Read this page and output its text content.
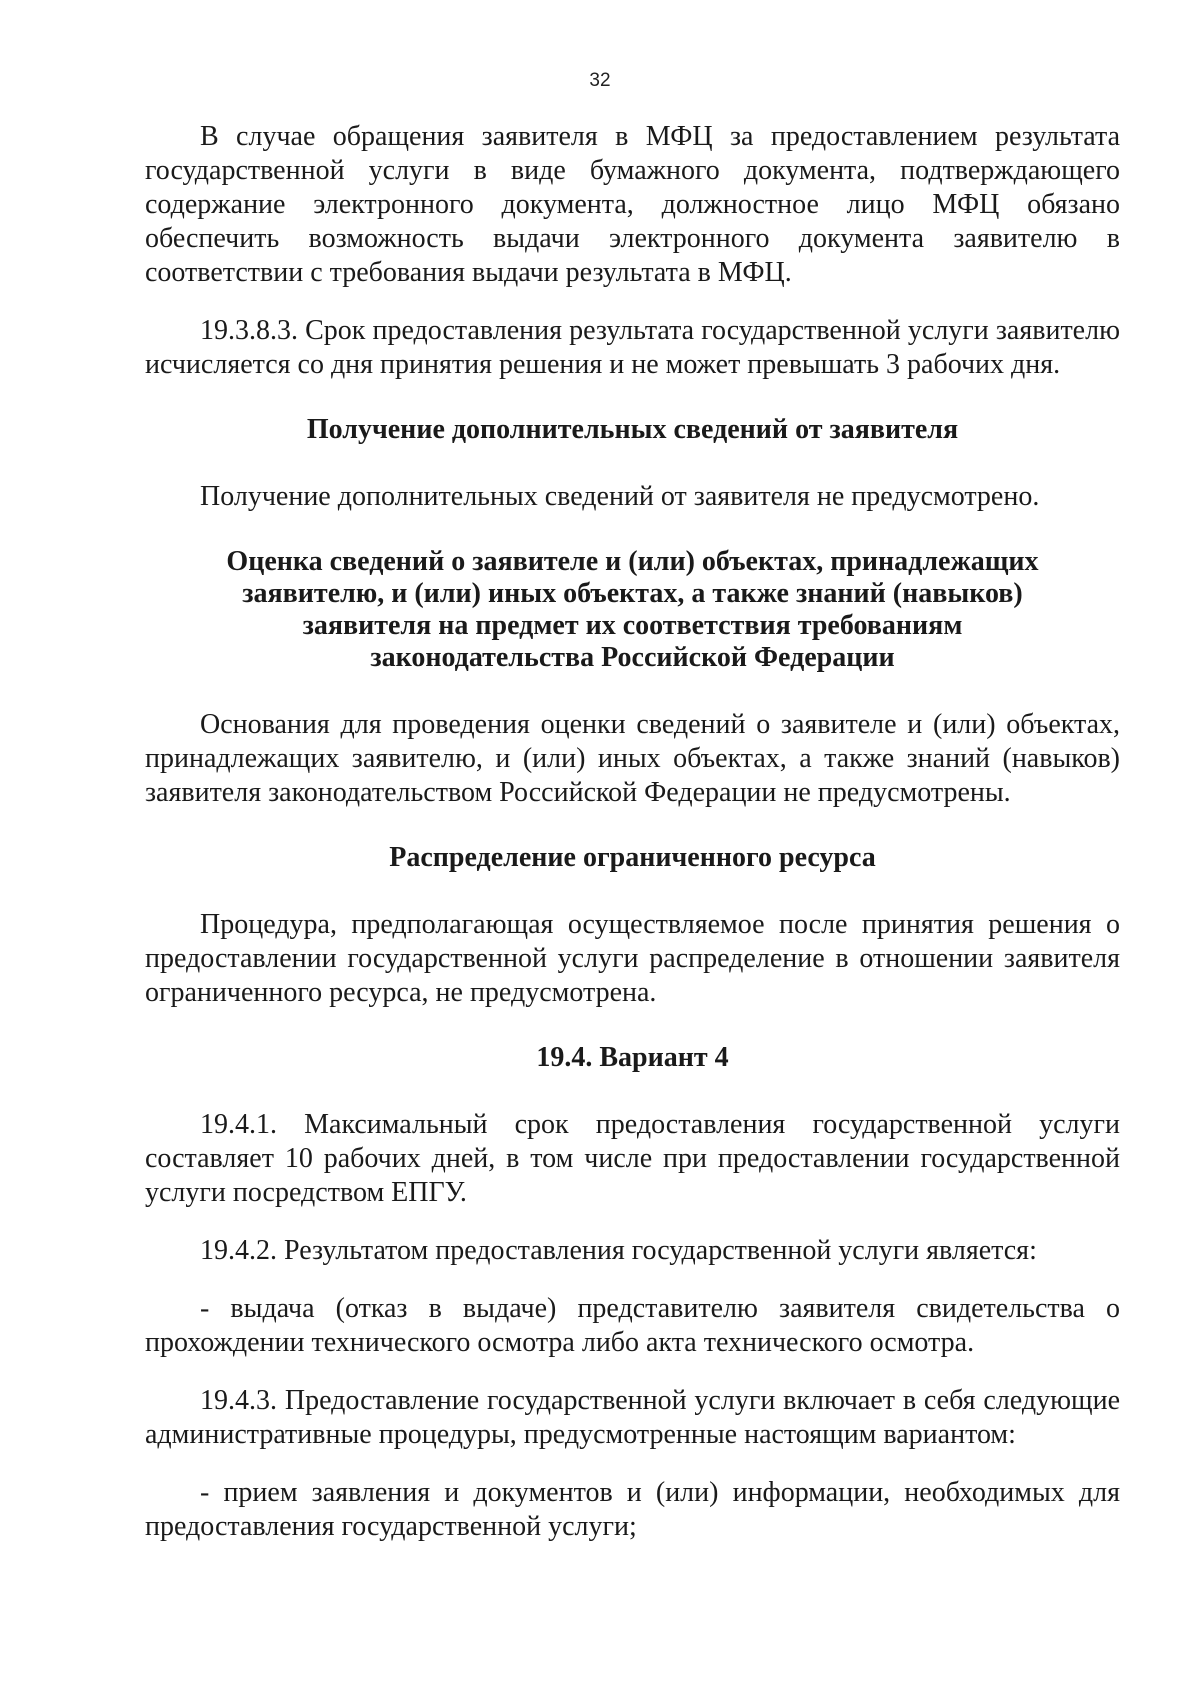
32

В случае обращения заявителя в МФЦ за предоставлением результата государственной услуги в виде бумажного документа, подтверждающего содержание электронного документа, должностное лицо МФЦ обязано обеспечить возможность выдачи электронного документа заявителю в соответствии с требования выдачи результата в МФЦ.

19.3.8.3. Срок предоставления результата государственной услуги заявителю исчисляется со дня принятия решения и не может превышать 3 рабочих дня.

Получение дополнительных сведений от заявителя

Получение дополнительных сведений от заявителя не предусмотрено.

Оценка сведений о заявителе и (или) объектах, принадлежащих
заявителю, и (или) иных объектах, а также знаний (навыков)
заявителя на предмет их соответствия требованиям
законодательства Российской Федерации

Основания для проведения оценки сведений о заявителе и (или) объектах, принадлежащих заявителю, и (или) иных объектах, а также знаний (навыков) заявителя законодательством Российской Федерации не предусмотрены.

Распределение ограниченного ресурса

Процедура, предполагающая осуществляемое после принятия решения о предоставлении государственной услуги распределение в отношении заявителя ограниченного ресурса, не предусмотрена.

19.4. Вариант 4

19.4.1. Максимальный срок предоставления государственной услуги составляет 10 рабочих дней, в том числе при предоставлении государственной услуги посредством ЕПГУ.

19.4.2. Результатом предоставления государственной услуги является:

- выдача (отказ в выдаче) представителю заявителя свидетельства о прохождении технического осмотра либо акта технического осмотра.

19.4.3. Предоставление государственной услуги включает в себя следующие административные процедуры, предусмотренные настоящим вариантом:

- прием заявления и документов и (или) информации, необходимых для предоставления государственной услуги;
